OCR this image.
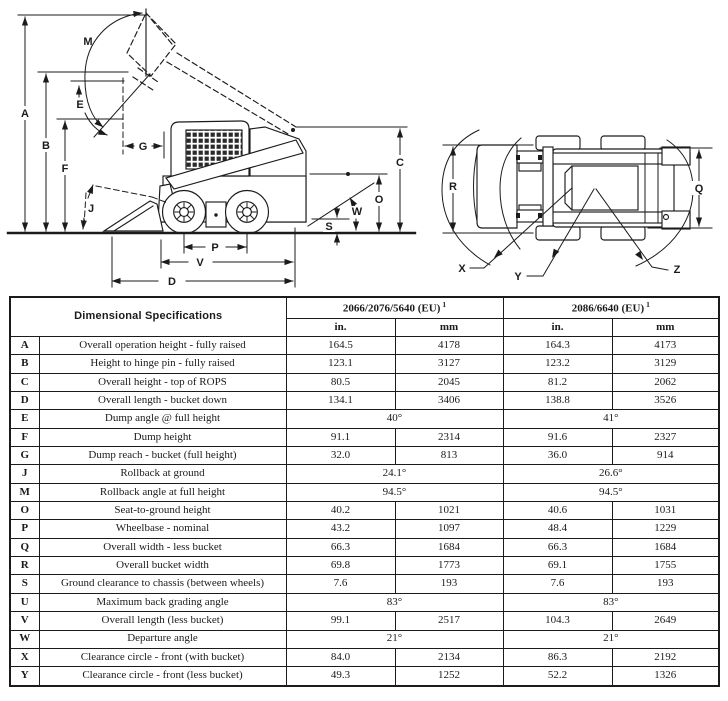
A
B
F
M
E
G
J
P
V
D
C
O
W
S
R	Q
X
Y
Z
Dimensional Specifications		2066/2076/5640 (EU) $^1$		2086/6640 (EU) $^1$
		in.	mm	in.	mm
A	Overall operation height - fully raised	164.5	4178	164.3	4173
B	Height to hinge pin - fully raised	123.1	3127	123.2	3129
C	Overall height - top of ROPS	80.5	2045	81.2	2062
D	Overall length - bucket down	134.1	3406	138.8	3526
E	Dump angle @ full height	40°		41°	
F	Dump height	91.1	2314	91.6	2327
G	Dump reach - bucket (full height)	32.0	813	36.0	914
J	Rollback at ground	24.1°		26.6°	
M	Rollback angle at full height	94.5°		94.5°	
O	Seat-to-ground height	40.2	1021	40.6	1031
P	Wheelbase - nominal	43.2	1097	48.4	1229
Q	Overall width - less bucket	66.3	1684	66.3	1684
R	Overall bucket width	69.8	1773	69.1	1755
S	Ground clearance to chassis (between wheels)	7.6	193	7.6	193
U	Maximum back grading angle	83°		83°	
V	Overall length (less bucket)	99.1	2517	104.3	2649
W	Departure angle	21°		21°	
X	Clearance circle - front (with bucket)	84.0	2134	86.3	2192
Y	Clearance circle - front (less bucket)	49.3	1252	52.2	1326
